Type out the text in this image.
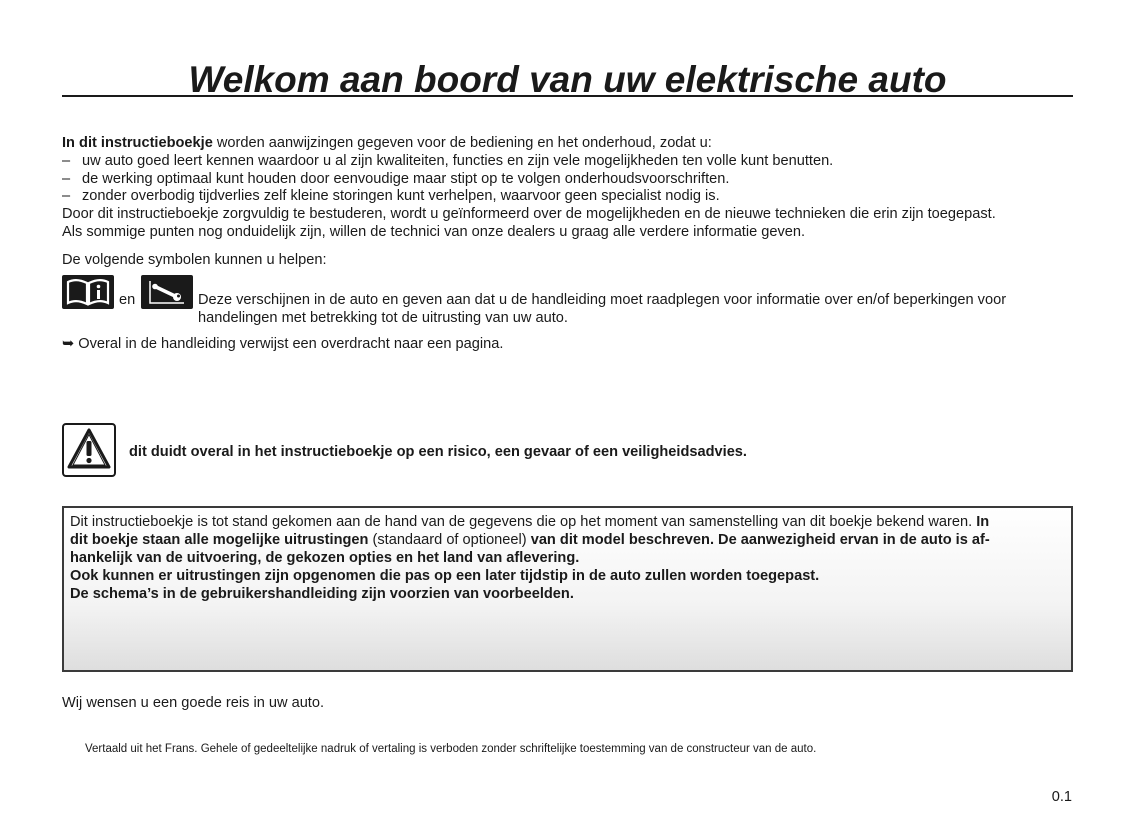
Welkom aan boord van uw elektrische auto

In dit instructieboekje worden aanwijzingen gegeven voor de bediening en het onderhoud, zodat u:

– uw auto goed leert kennen waardoor u al zijn kwaliteiten, functies en zijn vele mogelijkheden ten volle kunt benutten.

– de werking optimaal kunt houden door eenvoudige maar stipt op te volgen onderhoudsvoorschriften.

– zonder overbodig tijdverlies zelf kleine storingen kunt verhelpen, waarvoor geen specialist nodig is.

Door dit instructieboekje zorgvuldig te bestuderen, wordt u geïnformeerd over de mogelijkheden en de nieuwe technieken die erin zijn toegepast.

Als sommige punten nog onduidelijk zijn, willen de technici van onze dealers u graag alle verdere informatie geven.

De volgende symbolen kunnen u helpen:
en	Deze verschijnen in de auto en geven aan dat u de handleiding moet raadplegen voor informatie over en/of beperkingen voor handelingen met betrekking tot de uitrusting van uw auto.
➥ Overal in de handleiding verwijst een overdracht naar een pagina.
dit duidt overal in het instructieboekje op een risico, een gevaar of een veiligheidsadvies.

Dit instructieboekje is tot stand gekomen aan de hand van de gegevens die op het moment van samenstelling van dit boekje bekend waren. In

dit boekje staan alle mogelijke uitrustingen (standaard of optioneel) van dit model beschreven. De aanwezigheid ervan in de auto is af-

hankelijk van de uitvoering, de gekozen opties en het land van aflevering.

Ook kunnen er uitrustingen zijn opgenomen die pas op een later tijdstip in de auto zullen worden toegepast.

De schema’s in de gebruikershandleiding zijn voorzien van voorbeelden.

Wij wensen u een goede reis in uw auto.
Vertaald uit het Frans. Gehele of gedeeltelijke nadruk of vertaling is verboden zonder schriftelijke toestemming van de constructeur van de auto.
0.1
